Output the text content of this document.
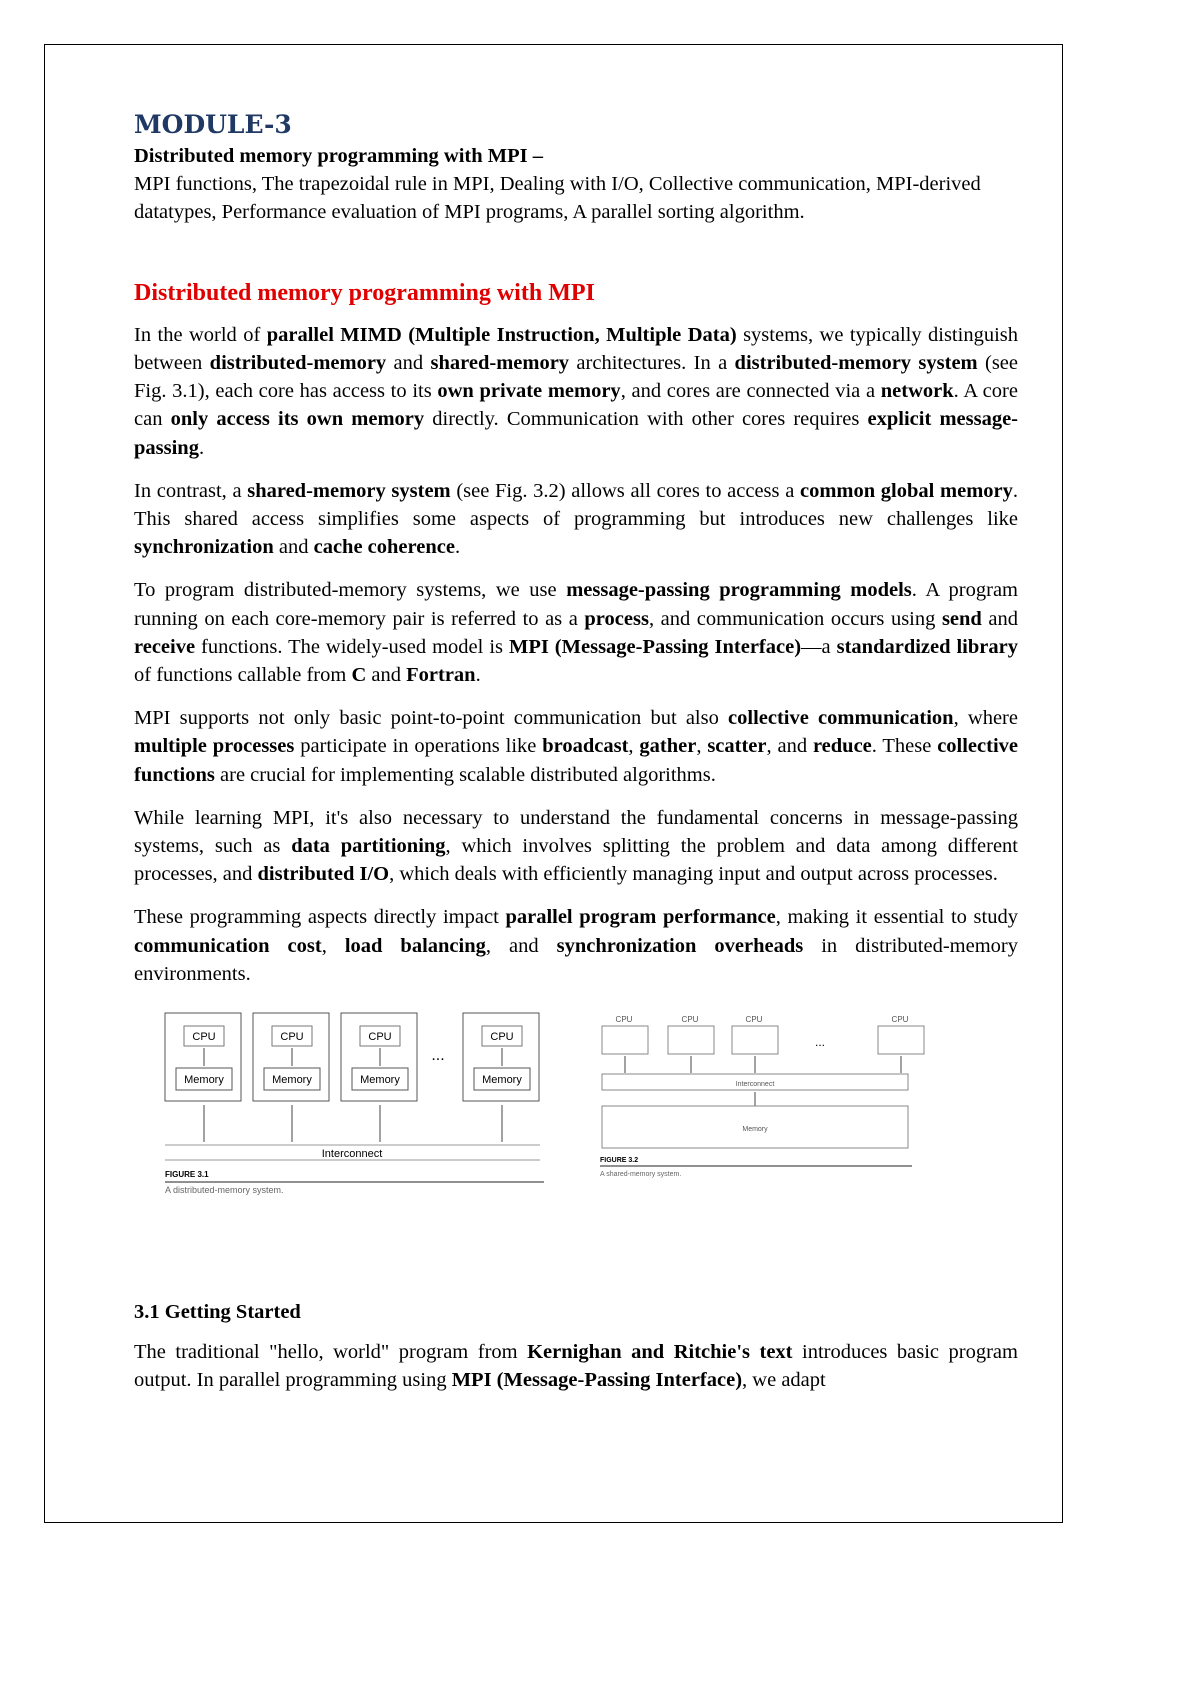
MODULE-3
Distributed memory programming with MPI –
MPI functions, The trapezoidal rule in MPI, Dealing with I/O, Collective communication, MPI-derived datatypes, Performance evaluation of MPI programs, A parallel sorting algorithm.
Distributed memory programming with MPI

In the world of parallel MIMD (Multiple Instruction, Multiple Data) systems, we typically distinguish between distributed-memory and shared-memory architectures. In a distributed-memory system (see Fig. 3.1), each core has access to its own private memory, and cores are connected via a network. A core can only access its own memory directly. Communication with other cores requires explicit message-passing.

In contrast, a shared-memory system (see Fig. 3.2) allows all cores to access a common global memory. This shared access simplifies some aspects of programming but introduces new challenges like synchronization and cache coherence.

To program distributed-memory systems, we use message-passing programming models. A program running on each core-memory pair is referred to as a process, and communication occurs using send and receive functions. The widely-used model is MPI (Message-Passing Interface)—a standardized library of functions callable from C and Fortran.

MPI supports not only basic point-to-point communication but also collective communication, where multiple processes participate in operations like broadcast, gather, scatter, and reduce. These collective functions are crucial for implementing scalable distributed algorithms.

While learning MPI, it's also necessary to understand the fundamental concerns in message-passing systems, such as data partitioning, which involves splitting the problem and data among different processes, and distributed I/O, which deals with efficiently managing input and output across processes.

These programming aspects directly impact parallel program performance, making it essential to study communication cost, load balancing, and synchronization overheads in distributed-memory environments.

CPU
Memory
CPU
Memory
CPU
Memory
CPU
Memory
...
Interconnect
FIGURE 3.1
A distributed-memory system.
CPU	CPU	CPU	CPU
...
Interconnect
Memory
FIGURE 3.2
A shared-memory system.
3.1 Getting Started

The traditional "hello, world" program from Kernighan and Ritchie's text introduces basic program output. In parallel programming using MPI (Message-Passing Interface), we adapt
